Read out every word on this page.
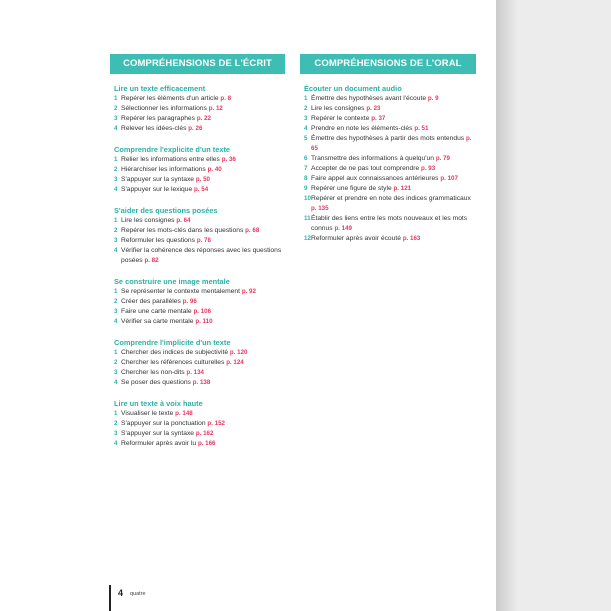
COMPRÉHENSIONS DE L'ÉCRIT	COMPRÉHENSIONS DE L'ORAL
Lire un texte efficacement
1 Repérer les éléments d'un article p. 8
2 Sélectionner les informations p. 12
3 Repérer les paragraphes p. 22
4 Relever les idées-clés p. 26
Comprendre l'explicite d'un texte
1 Relier les informations entre elles p. 36
2 Hiérarchiser les informations p. 40
3 S'appuyer sur la syntaxe p. 50
4 S'appuyer sur le lexique p. 54
S'aider des questions posées
1 Lire les consignes p. 64
2 Repérer les mots-clés dans les questions p. 68
3 Reformuler les questions p. 78
4 Vérifier la cohérence des réponses avec les questions posées p. 82
Se construire une image mentale
1 Se représenter le contexte mentalement p. 92
2 Créer des parallèles p. 96
3 Faire une carte mentale p. 106
4 Vérifier sa carte mentale p. 110
Comprendre l'implicite d'un texte
1 Chercher des indices de subjectivité p. 120
2 Chercher les références culturelles p. 124
3 Chercher les non-dits p. 134
4 Se poser des questions p. 138
Lire un texte à voix haute
1 Visualiser le texte p. 148
2 S'appuyer sur la ponctuation p. 152
3 S'appuyer sur la syntaxe p. 162
4 Reformuler après avoir lu p. 166
Écouter un document audio
1 Émettre des hypothèses avant l'écoute p. 9
2 Lire les consignes p. 23
3 Repérer le contexte p. 37
4 Prendre en note les éléments-clés p. 51
5 Émettre des hypothèses à partir des mots entendus p. 65
6 Transmettre des informations à quelqu'un p. 79
7 Accepter de ne pas tout comprendre p. 93
8 Faire appel aux connaissances antérieures p. 107
9 Repérer une figure de style p. 121
10 Repérer et prendre en note des indices grammaticaux p. 135
11 Établir des liens entre les mots nouveaux et les mots connus p. 149
12 Reformuler après avoir écouté p. 163
4 quatre
